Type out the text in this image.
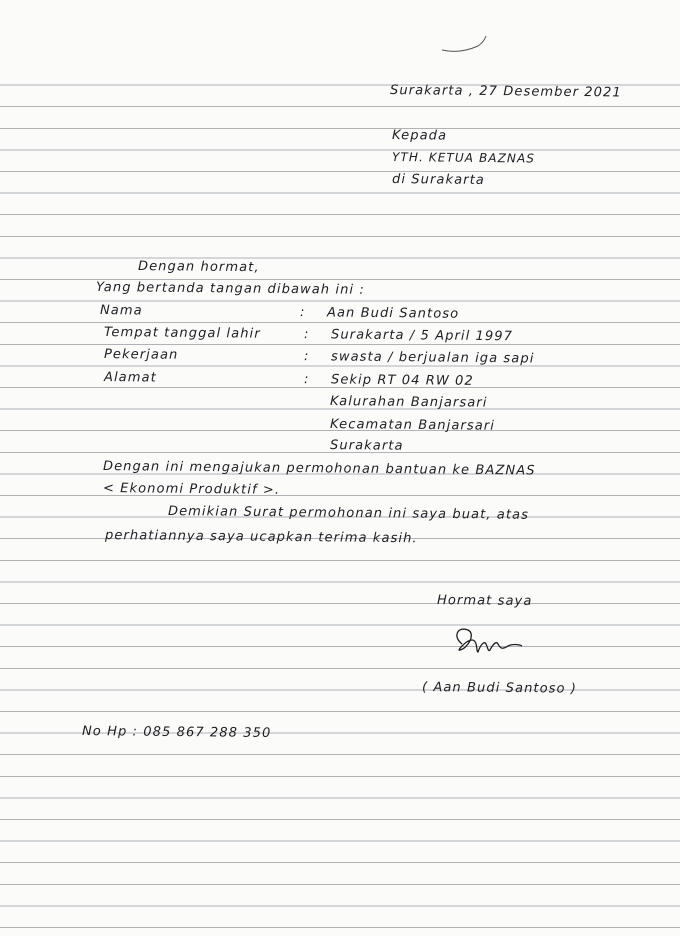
Surakarta , 27 Desember 2021
Kepada
YTH. KETUA BAZNAS
di Surakarta
Dengan hormat,
Yang bertanda tangan dibawah ini :
Nama	: Aan Budi Santoso
Tempat tanggal lahir	: Surakarta / 5 April 1997
Pekerjaan	: swasta / berjualan iga sapi
Alamat	: Sekip RT 04 RW 02
Kalurahan Banjarsari
Kecamatan Banjarsari
Surakarta
Dengan ini mengajukan permohonan bantuan ke BAZNAS
< Ekonomi Produktif >.
Demikian Surat permohonan ini saya buat, atas
perhatiannya saya ucapkan terima kasih.
Hormat saya
( Aan Budi Santoso )
No Hp : 085 867 288 350
